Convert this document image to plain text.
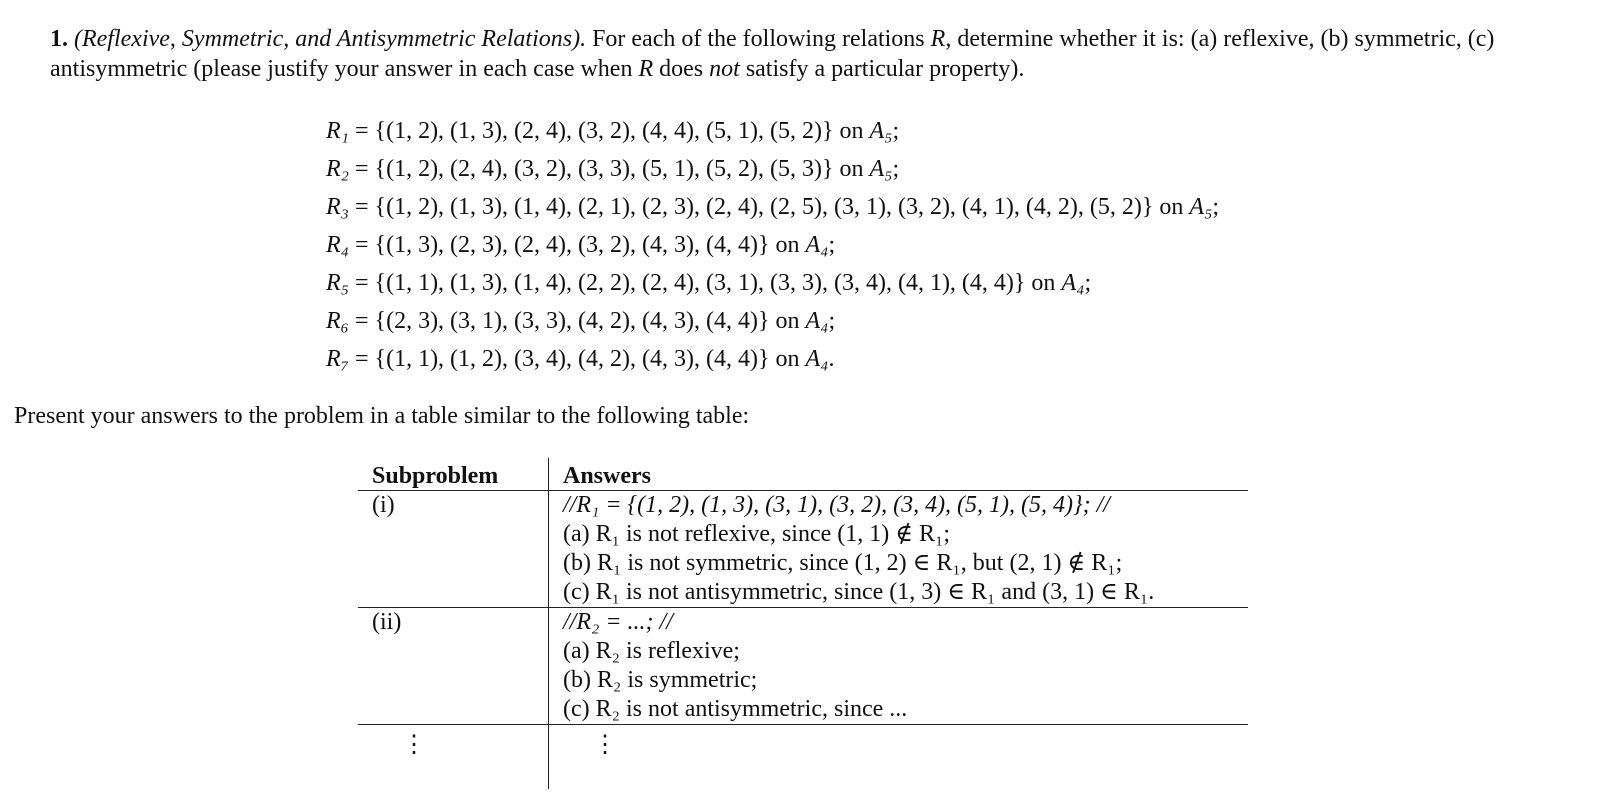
1. (Reflexive, Symmetric, and Antisymmetric Relations). For each of the following relations R, determine whether it is: (a) reflexive, (b) symmetric, (c) antisymmetric (please justify your answer in each case when R does not satisfy a particular property).
R₁ = {(1, 2), (1, 3), (2, 4), (3, 2), (4, 4), (5, 1), (5, 2)} on A₅;
R₂ = {(1, 2), (2, 4), (3, 2), (3, 3), (5, 1), (5, 2), (5, 3)} on A₅;
R₃ = {(1, 2), (1, 3), (1, 4), (2, 1), (2, 3), (2, 4), (2, 5), (3, 1), (3, 2), (4, 1), (4, 2), (5, 2)} on A₅;
R₄ = {(1, 3), (2, 3), (2, 4), (3, 2), (4, 3), (4, 4)} on A₄;
R₅ = {(1, 1), (1, 3), (1, 4), (2, 2), (2, 4), (3, 1), (3, 3), (3, 4), (4, 1), (4, 4)} on A₄;
R₆ = {(2, 3), (3, 1), (3, 3), (4, 2), (4, 3), (4, 4)} on A₄;
R₇ = {(1, 1), (1, 2), (3, 4), (4, 2), (4, 3), (4, 4)} on A₄.
Present your answers to the problem in a table similar to the following table:
Subproblem	Answers

(i)	//R₁ = {(1, 2), (1, 3), (3, 1), (3, 2), (3, 4), (5, 1), (5, 4)}; //
(a) R₁ is not reflexive, since (1, 1) ∉ R₁;
(b) R₁ is not symmetric, since (1, 2) ∈ R₁, but (2, 1) ∉ R₁;
(c) R₁ is not antisymmetric, since (1, 3) ∈ R₁ and (3, 1) ∈ R₁.

(ii)	//R₂ = ...; //
(a) R₂ is reflexive;
(b) R₂ is symmetric;
(c) R₂ is not antisymmetric, since ...

⋮	⋮
